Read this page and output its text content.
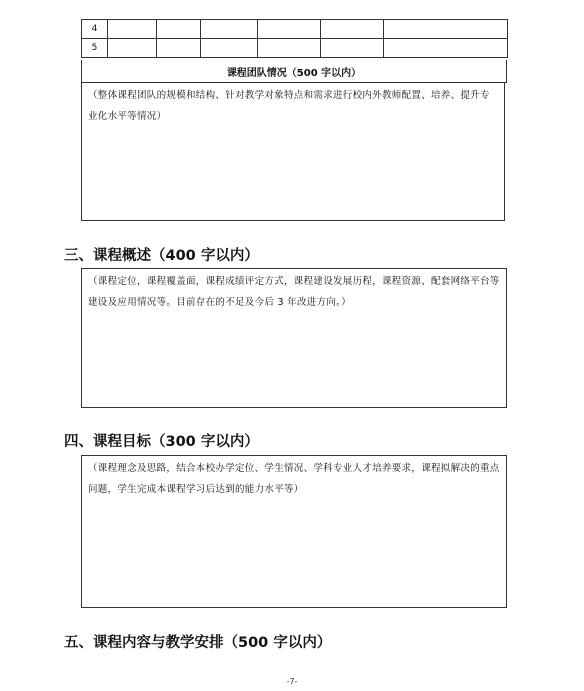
4						
5						
课程团队情况（500 字以内）
（整体课程团队的规模和结构、针对教学对象特点和需求进行校内外教师配置、培养、提升专业化水平等情况）
三、课程概述（400 字以内）
（课程定位，课程覆盖面，课程成绩评定方式，课程建设发展历程，课程资源、配套网络平台等建设及应用情况等。目前存在的不足及今后 3 年改进方向。）
四、课程目标（300 字以内）
（课程理念及思路，结合本校办学定位、学生情况、学科专业人才培养要求，课程拟解决的重点问题，学生完成本课程学习后达到的能力水平等）
五、课程内容与教学安排（500 字以内）
-7-
